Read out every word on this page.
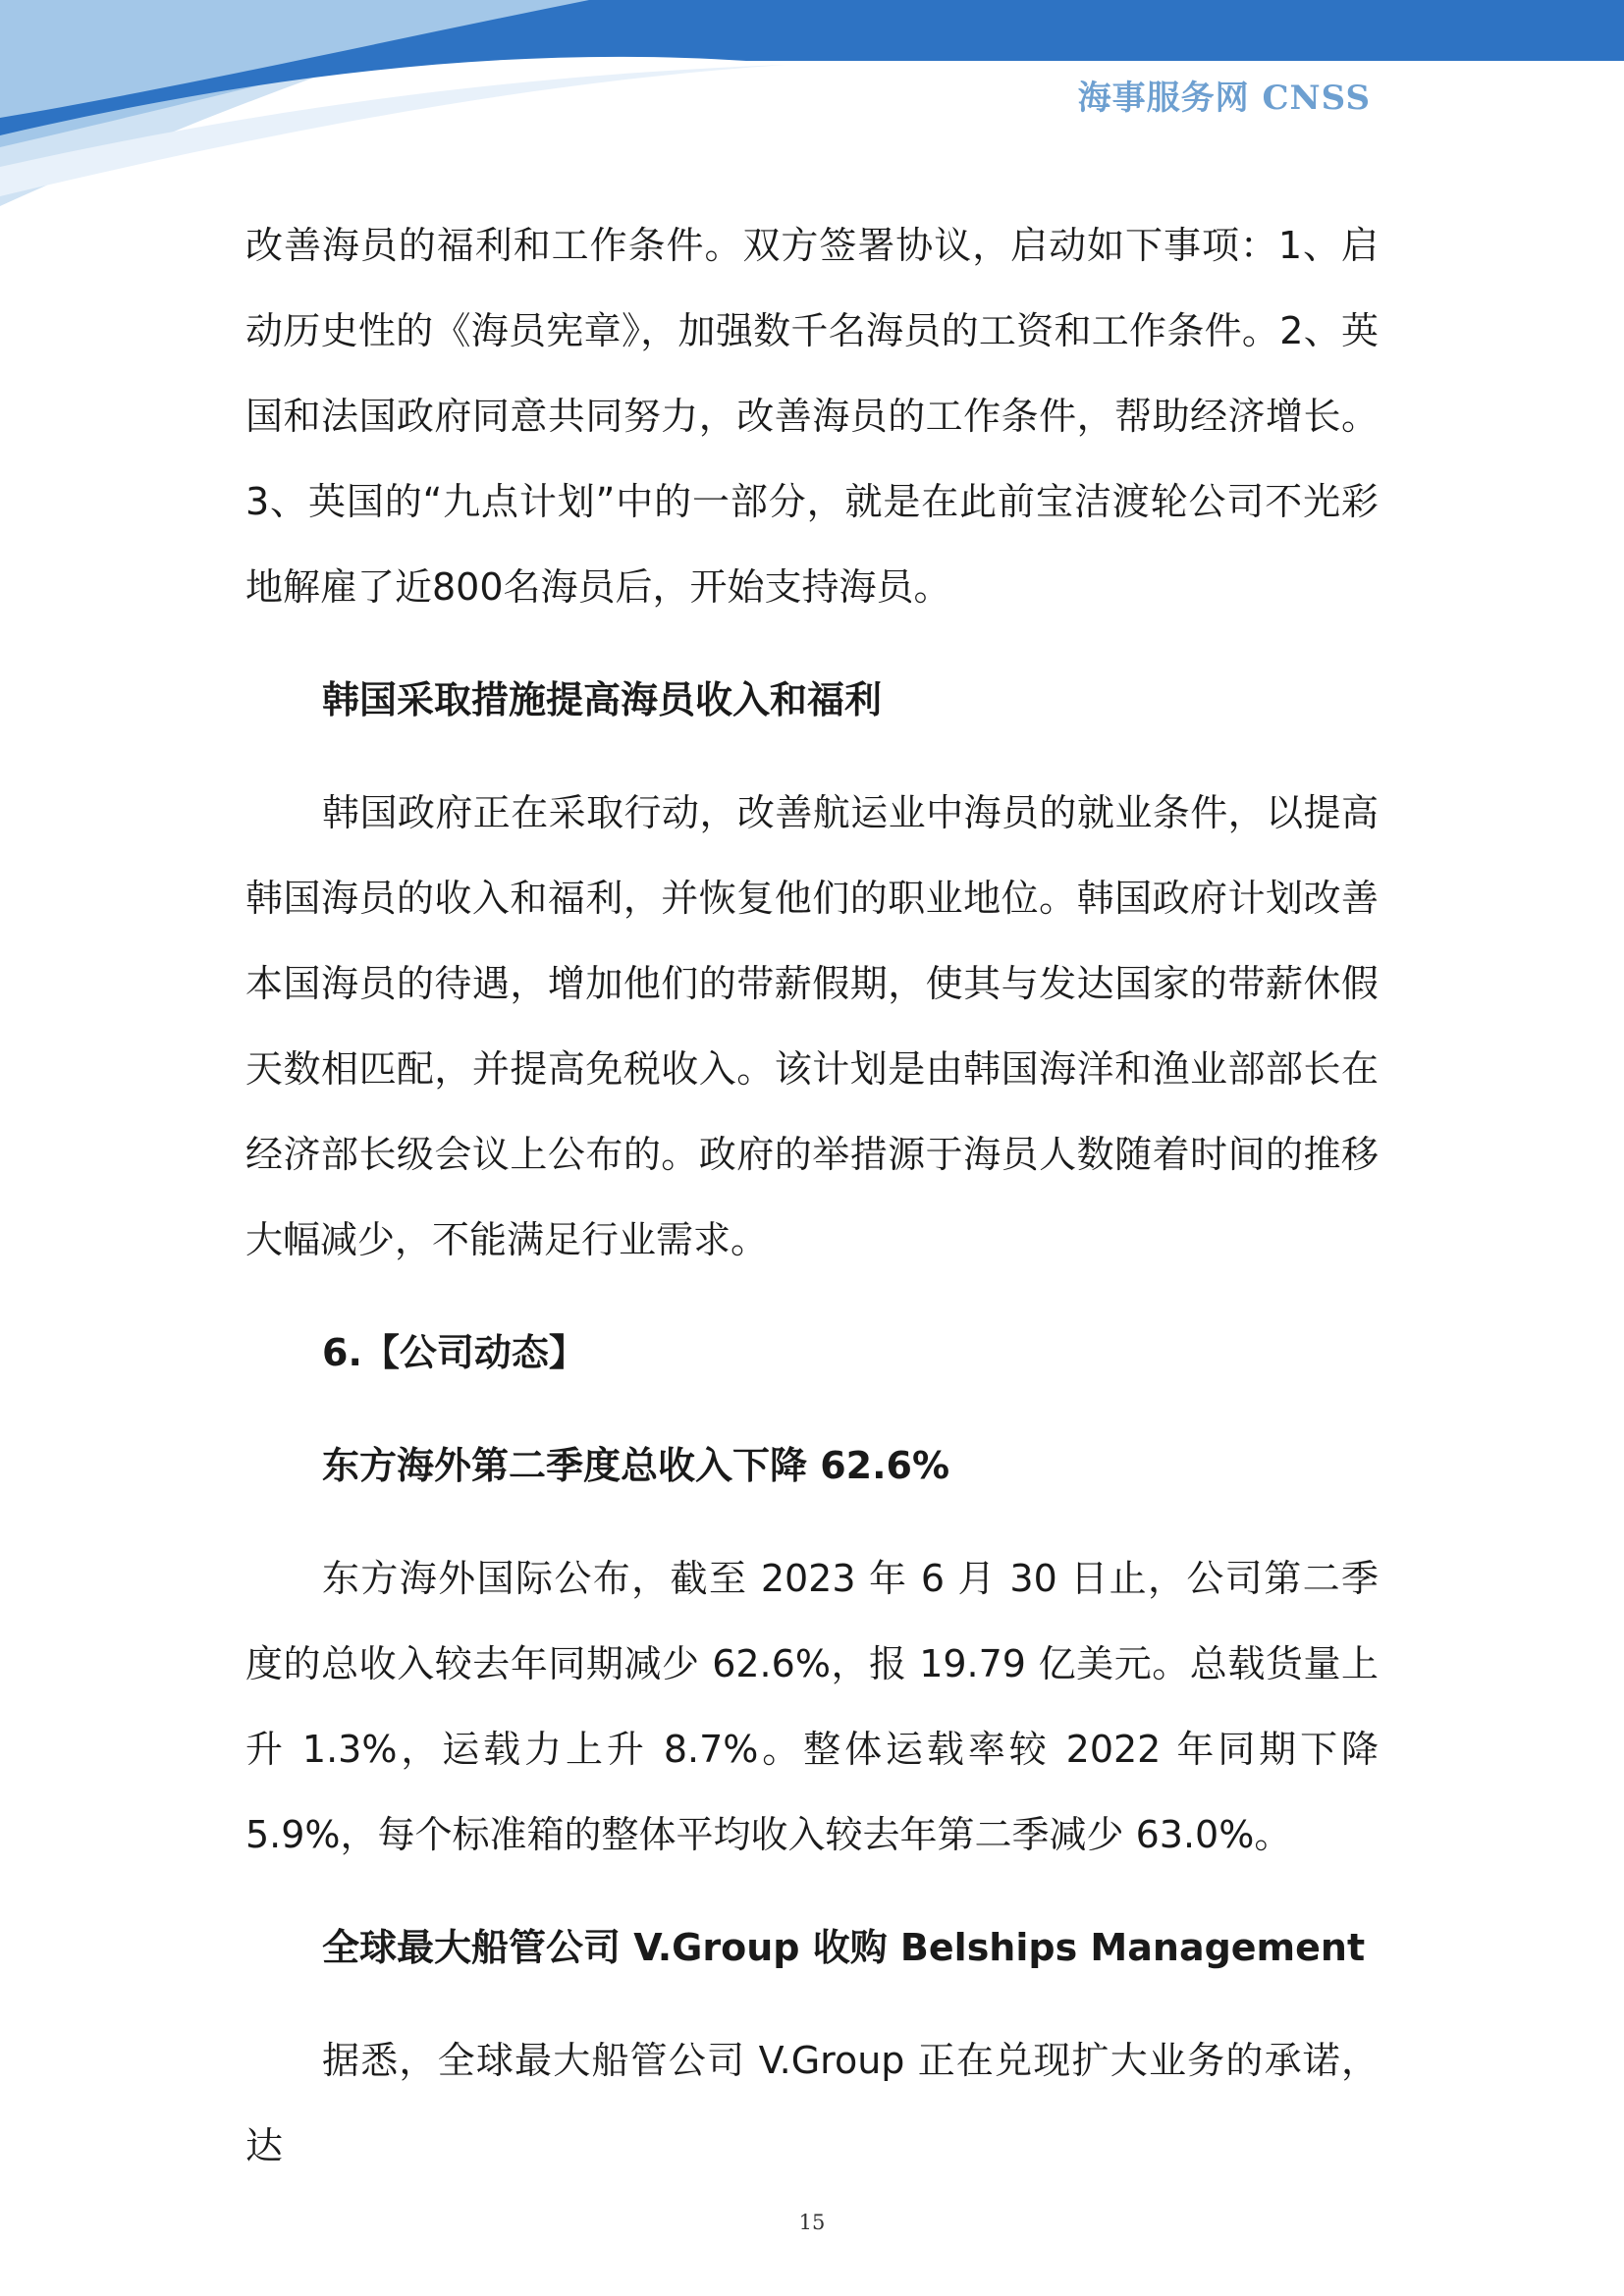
海事服务网 CNSS

改善海员的福利和工作条件。双方签署协议，启动如下事项：1、启动历史性的《海员宪章》，加强数千名海员的工资和工作条件。2、英国和法国政府同意共同努力，改善海员的工作条件，帮助经济增长。3、英国的“九点计划”中的一部分，就是在此前宝洁渡轮公司不光彩地解雇了近800名海员后，开始支持海员。

韩国采取措施提高海员收入和福利

韩国政府正在采取行动，改善航运业中海员的就业条件，以提高韩国海员的收入和福利，并恢复他们的职业地位。韩国政府计划改善本国海员的待遇，增加他们的带薪假期，使其与发达国家的带薪休假天数相匹配，并提高免税收入。该计划是由韩国海洋和渔业部部长在经济部长级会议上公布的。政府的举措源于海员人数随着时间的推移大幅减少，不能满足行业需求。

6.【公司动态】

东方海外第二季度总收入下降 62.6%

东方海外国际公布，截至 2023 年 6 月 30 日止，公司第二季度的总收入较去年同期减少 62.6%，报 19.79 亿美元。总载货量上升 1.3%，运载力上升 8.7%。整体运载率较 2022 年同期下降 5.9%，每个标准箱的整体平均收入较去年第二季减少 63.0%。

全球最大船管公司 V.Group 收购 Belships Management

据悉，全球最大船管公司 V.Group 正在兑现扩大业务的承诺，达

15
